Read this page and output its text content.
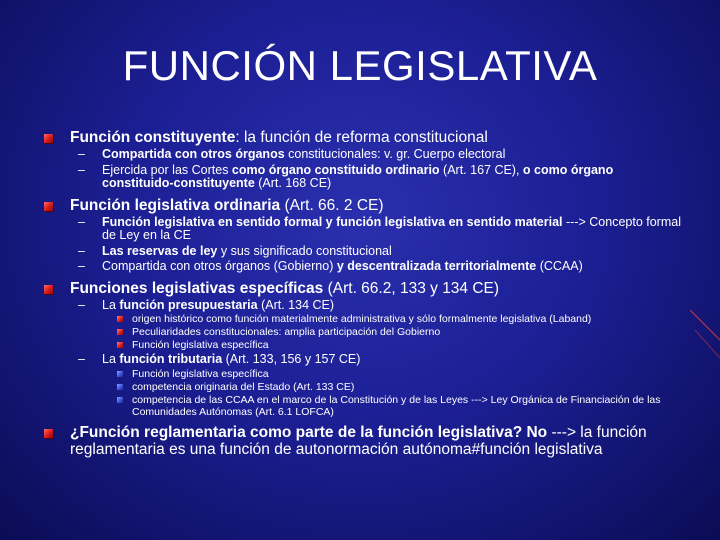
FUNCIÓN LEGISLATIVA
Función constituyente: la función de reforma constitucional
– Compartida con otros órganos constitucionales: v. gr. Cuerpo electoral
– Ejercida por las Cortes como órgano constituido ordinario (Art. 167 CE), o como órgano constituido-constituyente (Art. 168 CE)
Función legislativa ordinaria (Art. 66. 2 CE)
– Función legislativa en sentido formal y función legislativa en sentido material ---> Concepto formal de Ley en la CE
– Las reservas de ley y sus significado constitucional
– Compartida con otros órganos (Gobierno) y descentralizada territorialmente (CCAA)
Funciones legislativas específicas (Art. 66.2, 133 y 134 CE)
– La función presupuestaria (Art. 134 CE)
origen histórico como función materialmente administrativa y sólo formalmente legislativa (Laband)
Peculiaridades constitucionales: amplia participación del Gobierno
Función legislativa específica
– La función tributaria (Art. 133, 156 y 157 CE)
Función legislativa específica
competencia originaria del Estado (Art. 133 CE)
competencia de las CCAA en el marco de la Constitución y de las Leyes ---> Ley Orgánica de Financiación de las Comunidades Autónomas (Art. 6.1 LOFCA)
¿Función reglamentaria como parte de la función legislativa? No ---> la función reglamentaria es una función de autonormación autónoma#función legislativa
